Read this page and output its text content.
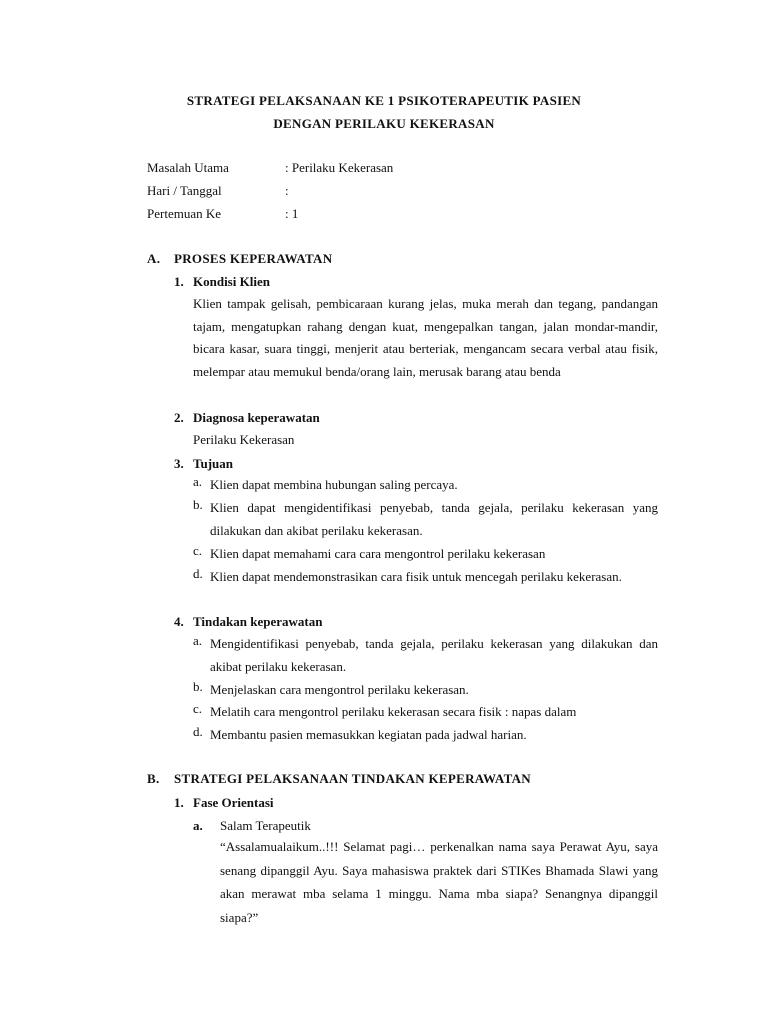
STRATEGI PELAKSANAAN KE 1 PSIKOTERAPEUTIK PASIEN
DENGAN PERILAKU KEKERASAN
Masalah Utama	: Perilaku Kekerasan
Hari / Tanggal	:
Pertemuan Ke	: 1
A. PROSES KEPERAWATAN
1. Kondisi Klien
Klien tampak gelisah, pembicaraan kurang jelas, muka merah dan tegang, pandangan tajam, mengatupkan rahang dengan kuat, mengepalkan tangan, jalan mondar-mandir, bicara kasar, suara tinggi, menjerit atau berteriak, mengancam secara verbal atau fisik, melempar atau memukul benda/orang lain, merusak barang atau benda
2. Diagnosa keperawatan
Perilaku Kekerasan
3. Tujuan
a. Klien dapat membina hubungan saling percaya.
b. Klien dapat mengidentifikasi penyebab, tanda gejala, perilaku kekerasan yang dilakukan dan akibat perilaku kekerasan.
c. Klien dapat memahami cara cara mengontrol perilaku kekerasan
d. Klien dapat mendemonstrasikan cara fisik untuk mencegah perilaku kekerasan.
4. Tindakan keperawatan
a. Mengidentifikasi penyebab, tanda gejala, perilaku kekerasan yang dilakukan dan akibat perilaku kekerasan.
b. Menjelaskan cara mengontrol perilaku kekerasan.
c. Melatih cara mengontrol perilaku kekerasan secara fisik : napas dalam
d. Membantu pasien memasukkan kegiatan pada jadwal harian.
B. STRATEGI PELAKSANAAN TINDAKAN KEPERAWATAN
1. Fase Orientasi
a. Salam Terapeutik
“Assalamualaikum..!!! Selamat pagi… perkenalkan nama saya Perawat Ayu, saya senang dipanggil Ayu. Saya mahasiswa praktek dari STIKes Bhamada Slawi yang akan merawat mba selama 1 minggu. Nama mba siapa? Senangnya dipanggil siapa?”
